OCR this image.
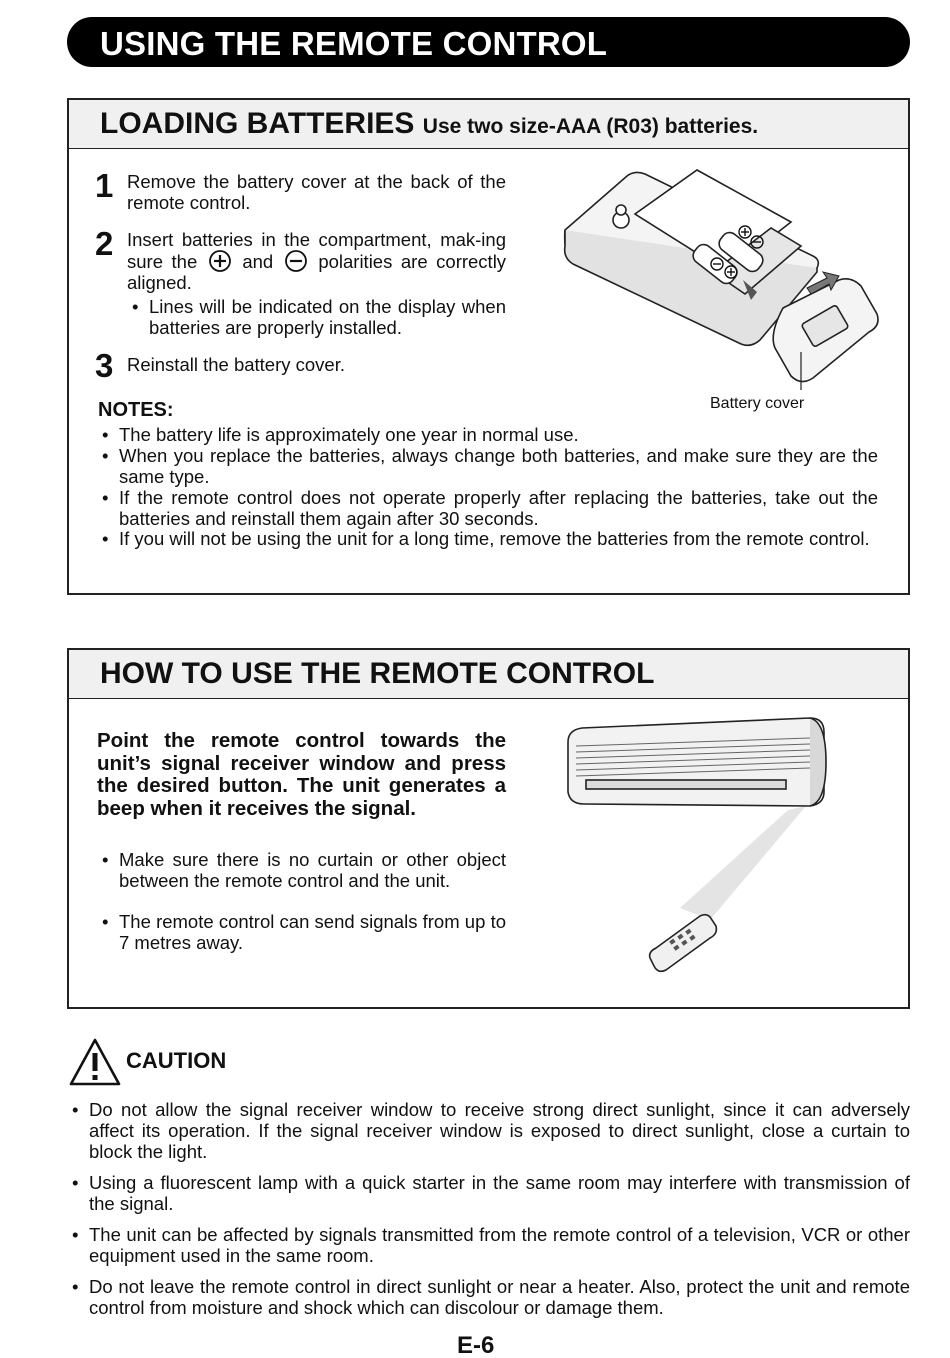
USING THE REMOTE CONTROL
LOADING BATTERIES Use two size-AAA (R03) batteries.
1 Remove the battery cover at the back of the remote control.
2 Insert batteries in the compartment, mak-ing sure the and polarities are correctly aligned.
• Lines will be indicated on the display when batteries are properly installed.
3 Reinstall the battery cover.
Battery cover
NOTES:
• The battery life is approximately one year in normal use.
• When you replace the batteries, always change both batteries, and make sure they are the same type.
• If the remote control does not operate properly after replacing the batteries, take out the batteries and reinstall them again after 30 seconds.
• If you will not be using the unit for a long time, remove the batteries from the remote control.
HOW TO USE THE REMOTE CONTROL
Point the remote control towards the unit’s signal receiver window and press the desired button. The unit generates a beep when it receives the signal.
• Make sure there is no curtain or other object between the remote control and the unit.
• The remote control can send signals from up to 7 metres away.
CAUTION
• Do not allow the signal receiver window to receive strong direct sunlight, since it can adversely affect its operation. If the signal receiver window is exposed to direct sunlight, close a curtain to block the light.
• Using a fluorescent lamp with a quick starter in the same room may interfere with transmission of the signal.
• The unit can be affected by signals transmitted from the remote control of a television, VCR or other equipment used in the same room.
• Do not leave the remote control in direct sunlight or near a heater. Also, protect the unit and remote control from moisture and shock which can discolour or damage them.
E-6
